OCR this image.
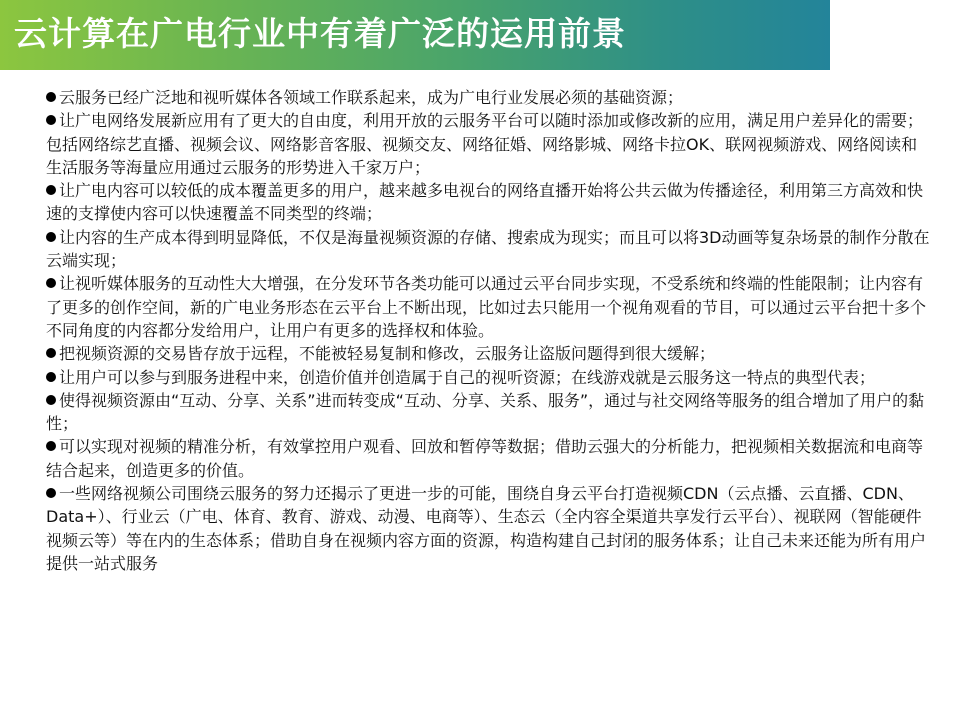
云计算在广电行业中有着广泛的运用前景

云服务已经广泛地和视听媒体各领域工作联系起来，成为广电行业发展必须的基础资源；

让广电网络发展新应用有了更大的自由度，利用开放的云服务平台可以随时添加或修改新的应用，满足用户差异化的需要；包括网络综艺直播、视频会议、网络影音客服、视频交友、网络征婚、网络影城、网络卡拉OK、联网视频游戏、网络阅读和生活服务等海量应用通过云服务的形势进入千家万户；

让广电内容可以较低的成本覆盖更多的用户，越来越多电视台的网络直播开始将公共云做为传播途径，利用第三方高效和快速的支撑使内容可以快速覆盖不同类型的终端；

让内容的生产成本得到明显降低，不仅是海量视频资源的存储、搜索成为现实；而且可以将3D动画等复杂场景的制作分散在云端实现；

让视听媒体服务的互动性大大增强，在分发环节各类功能可以通过云平台同步实现，不受系统和终端的性能限制；让内容有了更多的创作空间，新的广电业务形态在云平台上不断出现，比如过去只能用一个视角观看的节目，可以通过云平台把十多个不同角度的内容都分发给用户，让用户有更多的选择权和体验。

把视频资源的交易皆存放于远程，不能被轻易复制和修改，云服务让盗版问题得到很大缓解；

让用户可以参与到服务进程中来，创造价值并创造属于自己的视听资源；在线游戏就是云服务这一特点的典型代表；

使得视频资源由“互动、分享、关系”进而转变成“互动、分享、关系、服务”，通过与社交网络等服务的组合增加了用户的黏性；

可以实现对视频的精准分析，有效掌控用户观看、回放和暂停等数据；借助云强大的分析能力，把视频相关数据流和电商等结合起来，创造更多的价值。

一些网络视频公司围绕云服务的努力还揭示了更进一步的可能，围绕自身云平台打造视频CDN（云点播、云直播、CDN、Data+）、行业云（广电、体育、教育、游戏、动漫、电商等）、生态云（全内容全渠道共享发行云平台）、视联网（智能硬件视频云等）等在内的生态体系；借助自身在视频内容方面的资源，构造构建自己封闭的服务体系；让自己未来还能为所有用户提供一站式服务
